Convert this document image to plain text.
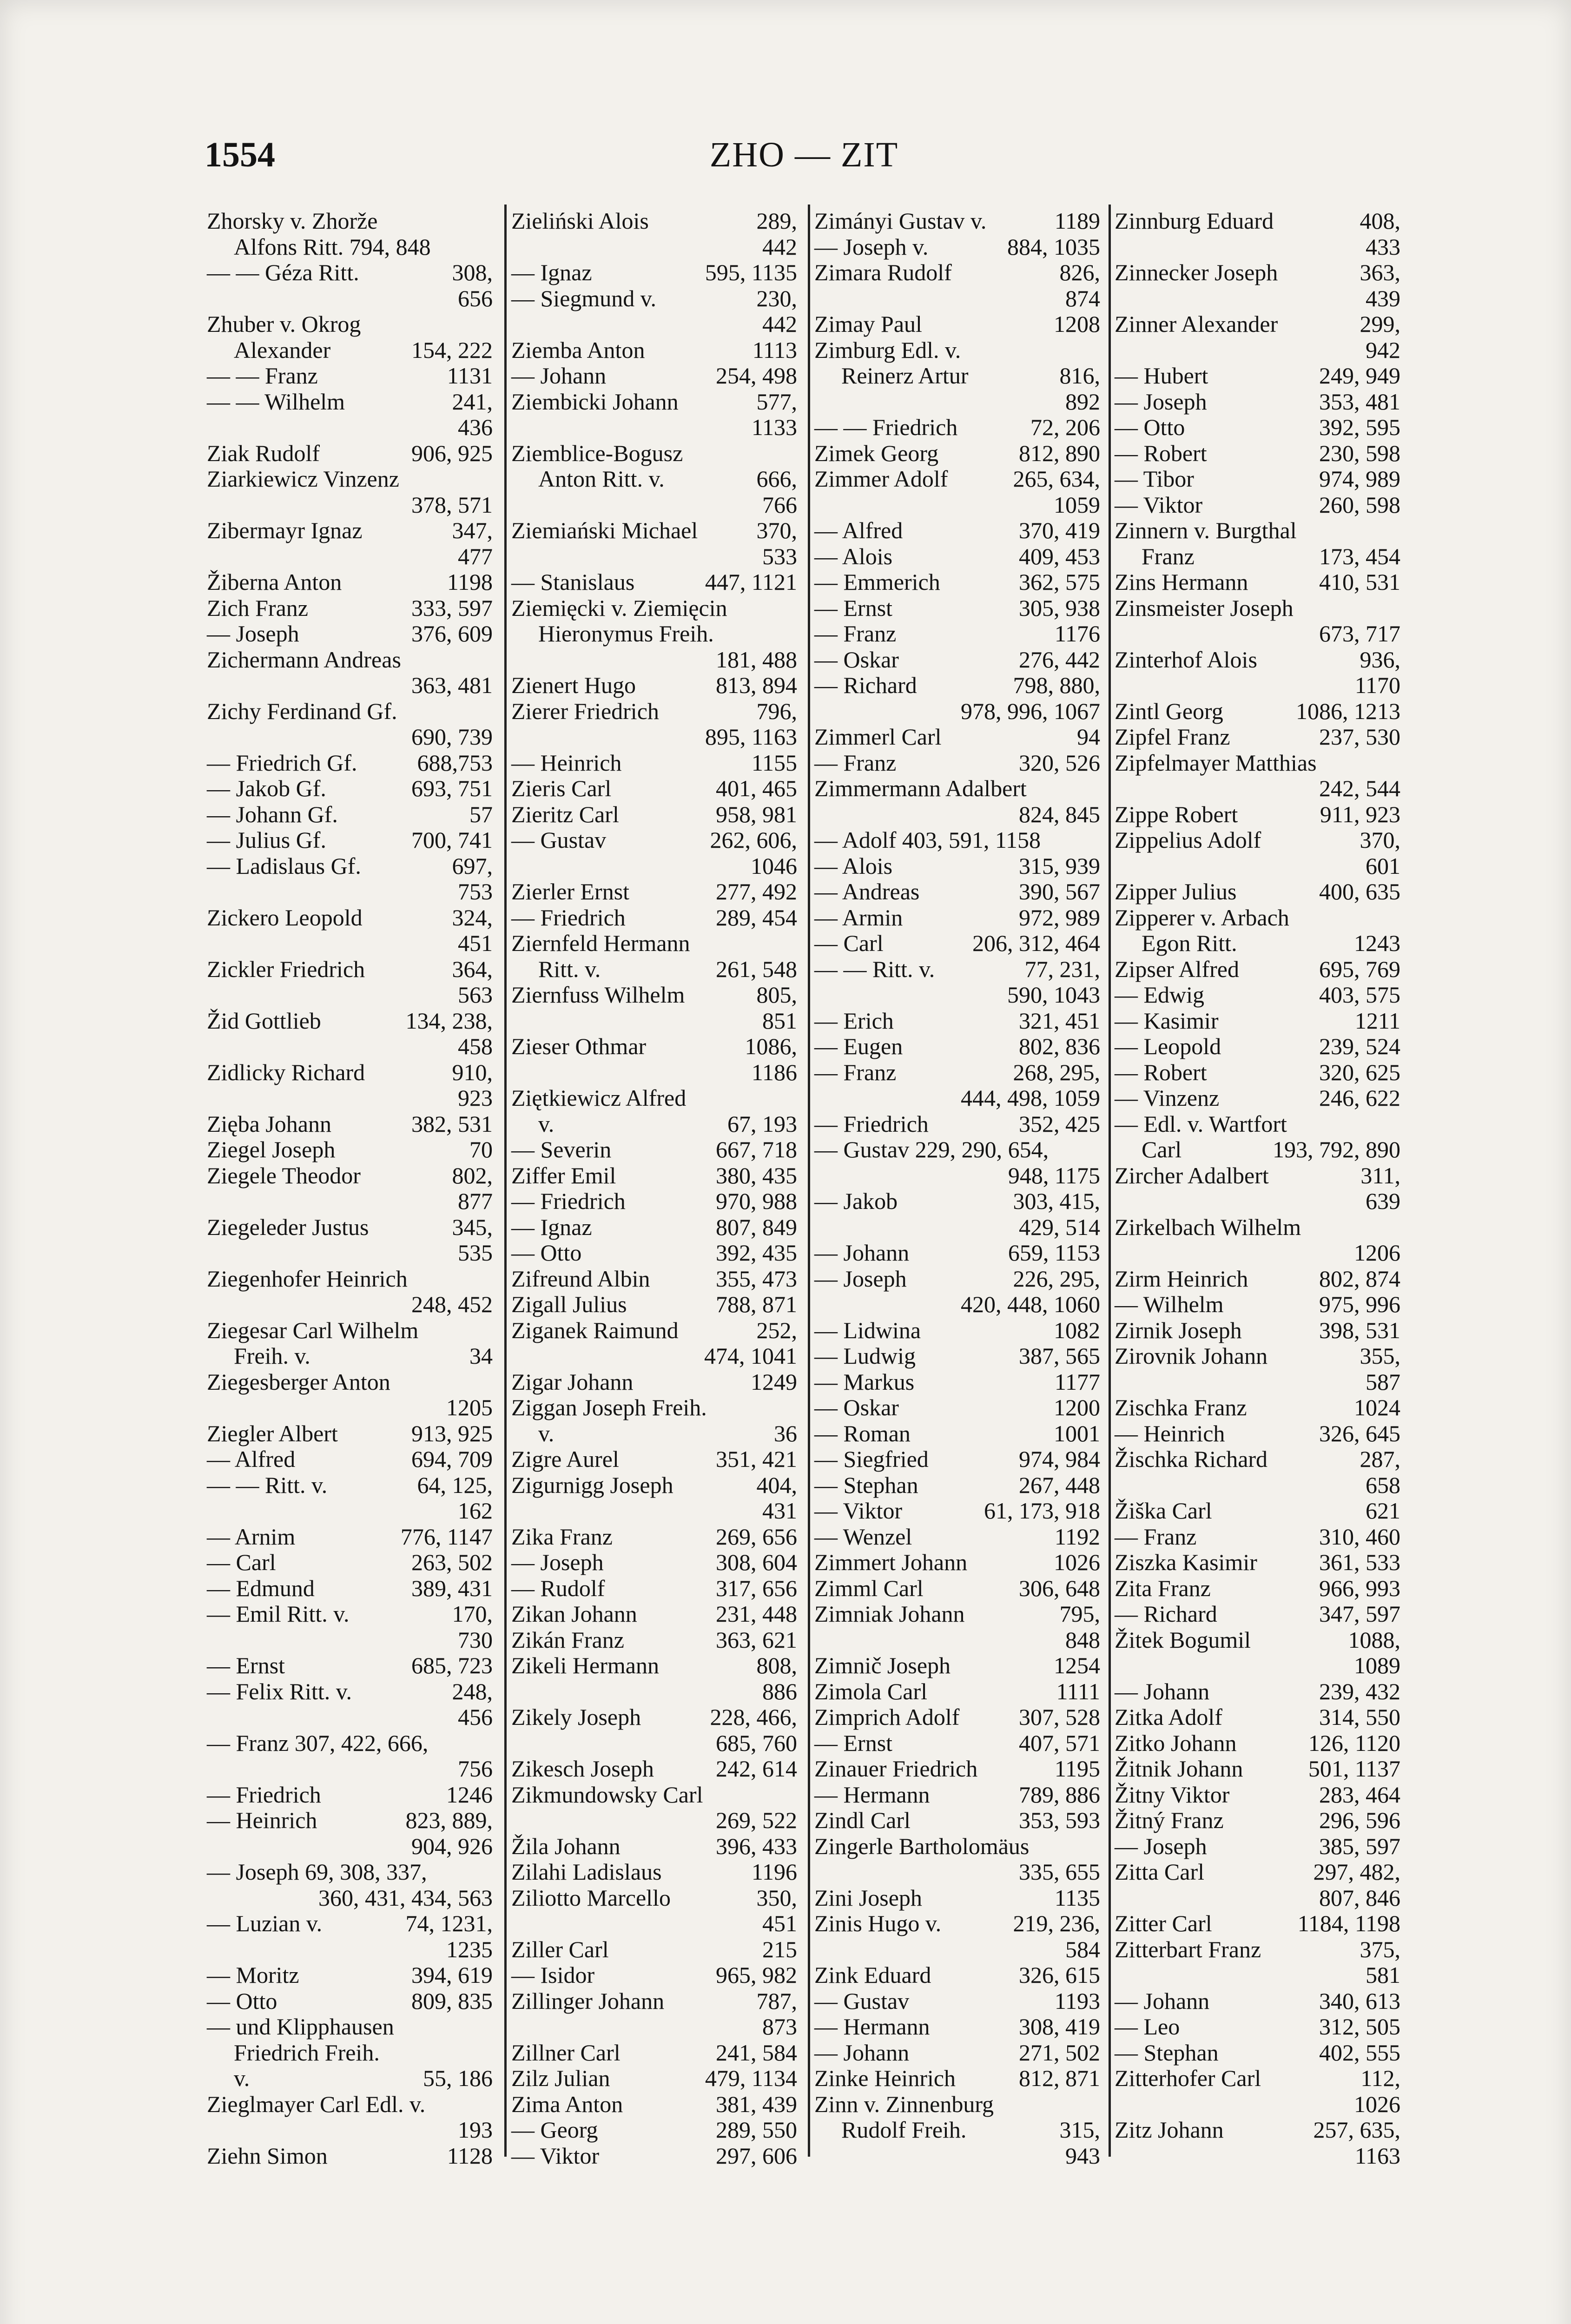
1554	ZHO — ZIT
Zhorsky v. Zhorže
Alfons Ritt. 794, 848
— — Géza Ritt.	308,
656
Zhuber v. Okrog
Alexander	154, 222
— — Franz	1131
— — Wilhelm	241,
436
Ziak Rudolf	906, 925
Ziarkiewicz Vinzenz
378, 571
Zibermayr Ignaz	347,
477
Žiberna Anton	1198
Zich Franz	333, 597
— Joseph	376, 609
Zichermann Andreas
363, 481
Zichy Ferdinand Gf.
690, 739
— Friedrich Gf.	688,753
— Jakob Gf.	693, 751
— Johann Gf.	57
— Julius Gf.	700, 741
— Ladislaus Gf.	697,
753
Zickero Leopold	324,
451
Zickler Friedrich	364,
563
Žid Gottlieb	134, 238,
458
Zidlicky Richard	910,
923
Zięba Johann	382, 531
Ziegel Joseph	70
Ziegele Theodor	802,
877
Ziegeleder Justus	345,
535
Ziegenhofer Heinrich
248, 452
Ziegesar Carl Wilhelm
Freih. v.	34
Ziegesberger Anton
1205
Ziegler Albert	913, 925
— Alfred	694, 709
— — Ritt. v.	64, 125,
162
— Arnim	776, 1147
— Carl	263, 502
— Edmund	389, 431
— Emil Ritt. v.	170,
730
— Ernst	685, 723
— Felix Ritt. v.	248,
456
— Franz 307, 422, 666,
756
— Friedrich	1246
— Heinrich	823, 889,
904, 926
— Joseph 69, 308, 337,
360, 431, 434, 563
— Luzian v.	74, 1231,
1235
— Moritz	394, 619
— Otto	809, 835
— und Klipphausen
Friedrich Freih.
v.	55, 186
Zieglmayer Carl Edl. v.
193
Ziehn Simon	1128
Zieliński Alois	289,
442
— Ignaz	595, 1135
— Siegmund v.	230,
442
Ziemba Anton	1113
— Johann	254, 498
Ziembicki Johann	577,
1133
Ziemblice-Bogusz
Anton Ritt. v.	666,
766
Ziemiański Michael	370,
533
— Stanislaus	447, 1121
Ziemięcki v. Ziemięcin
Hieronymus Freih.
181, 488
Zienert Hugo	813, 894
Zierer Friedrich	796,
895, 1163
— Heinrich	1155
Zieris Carl	401, 465
Zieritz Carl	958, 981
— Gustav	262, 606,
1046
Zierler Ernst	277, 492
— Friedrich	289, 454
Ziernfeld Hermann
Ritt. v.	261, 548
Ziernfuss Wilhelm	805,
851
Zieser Othmar	1086,
1186
Ziętkiewicz Alfred
v.	67, 193
— Severin	667, 718
Ziffer Emil	380, 435
— Friedrich	970, 988
— Ignaz	807, 849
— Otto	392, 435
Zifreund Albin	355, 473
Zigall Julius	788, 871
Ziganek Raimund	252,
474, 1041
Zigar Johann	1249
Ziggan Joseph Freih.
v.	36
Zigre Aurel	351, 421
Zigurnigg Joseph	404,
431
Zika Franz	269, 656
— Joseph	308, 604
— Rudolf	317, 656
Zikan Johann	231, 448
Zikán Franz	363, 621
Zikeli Hermann	808,
886
Zikely Joseph	228, 466,
685, 760
Zikesch Joseph	242, 614
Zikmundowsky Carl
269, 522
Žila Johann	396, 433
Zilahi Ladislaus	1196
Ziliotto Marcello	350,
451
Ziller Carl	215
— Isidor	965, 982
Zillinger Johann	787,
873
Zillner Carl	241, 584
Zilz Julian	479, 1134
Zima Anton	381, 439
— Georg	289, 550
— Viktor	297, 606
Zimányi Gustav v.	1189
— Joseph v.	884, 1035
Zimara Rudolf	826,
874
Zimay Paul	1208
Zimburg Edl. v.
Reinerz Artur	816,
892
— — Friedrich	72, 206
Zimek Georg	812, 890
Zimmer Adolf	265, 634,
1059
— Alfred	370, 419
— Alois	409, 453
— Emmerich	362, 575
— Ernst	305, 938
— Franz	1176
— Oskar	276, 442
— Richard	798, 880,
978, 996, 1067
Zimmerl Carl	94
— Franz	320, 526
Zimmermann Adalbert
824, 845
— Adolf 403, 591, 1158
— Alois	315, 939
— Andreas	390, 567
— Armin	972, 989
— Carl	206, 312, 464
— — Ritt. v.	77, 231,
590, 1043
— Erich	321, 451
— Eugen	802, 836
— Franz	268, 295,
444, 498, 1059
— Friedrich	352, 425
— Gustav 229, 290, 654,
948, 1175
— Jakob	303, 415,
429, 514
— Johann	659, 1153
— Joseph	226, 295,
420, 448, 1060
— Lidwina	1082
— Ludwig	387, 565
— Markus	1177
— Oskar	1200
— Roman	1001
— Siegfried	974, 984
— Stephan	267, 448
— Viktor	61, 173, 918
— Wenzel	1192
Zimmert Johann	1026
Zimml Carl	306, 648
Zimniak Johann	795,
848
Zimnič Joseph	1254
Zimola Carl	1111
Zimprich Adolf	307, 528
— Ernst	407, 571
Zinauer Friedrich	1195
— Hermann	789, 886
Zindl Carl	353, 593
Zingerle Bartholomäus
335, 655
Zini Joseph	1135
Zinis Hugo v.	219, 236,
584
Zink Eduard	326, 615
— Gustav	1193
— Hermann	308, 419
— Johann	271, 502
Zinke Heinrich	812, 871
Zinn v. Zinnenburg
Rudolf Freih.	315,
943
Zinnburg Eduard	408,
433
Zinnecker Joseph	363,
439
Zinner Alexander	299,
942
— Hubert	249, 949
— Joseph	353, 481
— Otto	392, 595
— Robert	230, 598
— Tibor	974, 989
— Viktor	260, 598
Zinnern v. Burgthal
Franz	173, 454
Zins Hermann	410, 531
Zinsmeister Joseph
673, 717
Zinterhof Alois	936,
1170
Zintl Georg	1086, 1213
Zipfel Franz	237, 530
Zipfelmayer Matthias
242, 544
Zippe Robert	911, 923
Zippelius Adolf	370,
601
Zipper Julius	400, 635
Zipperer v. Arbach
Egon Ritt.	1243
Zipser Alfred	695, 769
— Edwig	403, 575
— Kasimir	1211
— Leopold	239, 524
— Robert	320, 625
— Vinzenz	246, 622
— Edl. v. Wartfort
Carl	193, 792, 890
Zircher Adalbert	311,
639
Zirkelbach Wilhelm
1206
Zirm Heinrich	802, 874
— Wilhelm	975, 996
Zirnik Joseph	398, 531
Zirovnik Johann	355,
587
Zischka Franz	1024
— Heinrich	326, 645
Žischka Richard	287,
658
Žiška Carl	621
— Franz	310, 460
Ziszka Kasimir	361, 533
Zita Franz	966, 993
— Richard	347, 597
Žitek Bogumil	1088,
1089
— Johann	239, 432
Zitka Adolf	314, 550
Zitko Johann	126, 1120
Žitnik Johann	501, 1137
Žitny Viktor	283, 464
Žitný Franz	296, 596
— Joseph	385, 597
Zitta Carl	297, 482,
807, 846
Zitter Carl	1184, 1198
Zitterbart Franz	375,
581
— Johann	340, 613
— Leo	312, 505
— Stephan	402, 555
Zitterhofer Carl	112,
1026
Zitz Johann	257, 635,
1163
